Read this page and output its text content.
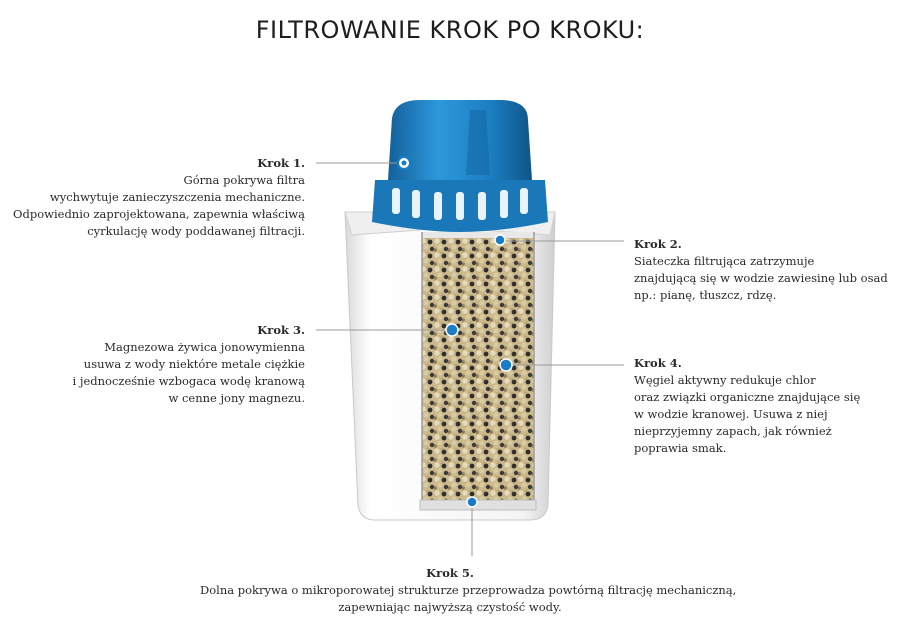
FILTROWANIE KROK PO KROKU:
Krok 1.
Górna pokrywa filtra
wychwytuje zanieczyszczenia mechaniczne.
Odpowiednio zaprojektowana, zapewnia właściwą
cyrkulację wody poddawanej filtracji.
Krok 2.
Siateczka filtrująca zatrzymuje
znajdującą się w wodzie zawiesinę lub osad
np.: pianę, tłuszcz, rdzę.
Krok 3.
Magnezowa żywica jonowymienna
usuwa z wody niektóre metale ciężkie
i jednocześnie wzbogaca wodę kranową
w cenne jony magnezu.
Krok 4.
Węgiel aktywny redukuje chlor
oraz związki organiczne znajdujące się
w wodzie kranowej. Usuwa z niej
nieprzyjemny zapach, jak również
poprawia smak.
Krok 5.
Dolna pokrywa o mikroporowatej strukturze przeprowadza powtórną filtrację mechaniczną,
zapewniając najwyższą czystość wody.
